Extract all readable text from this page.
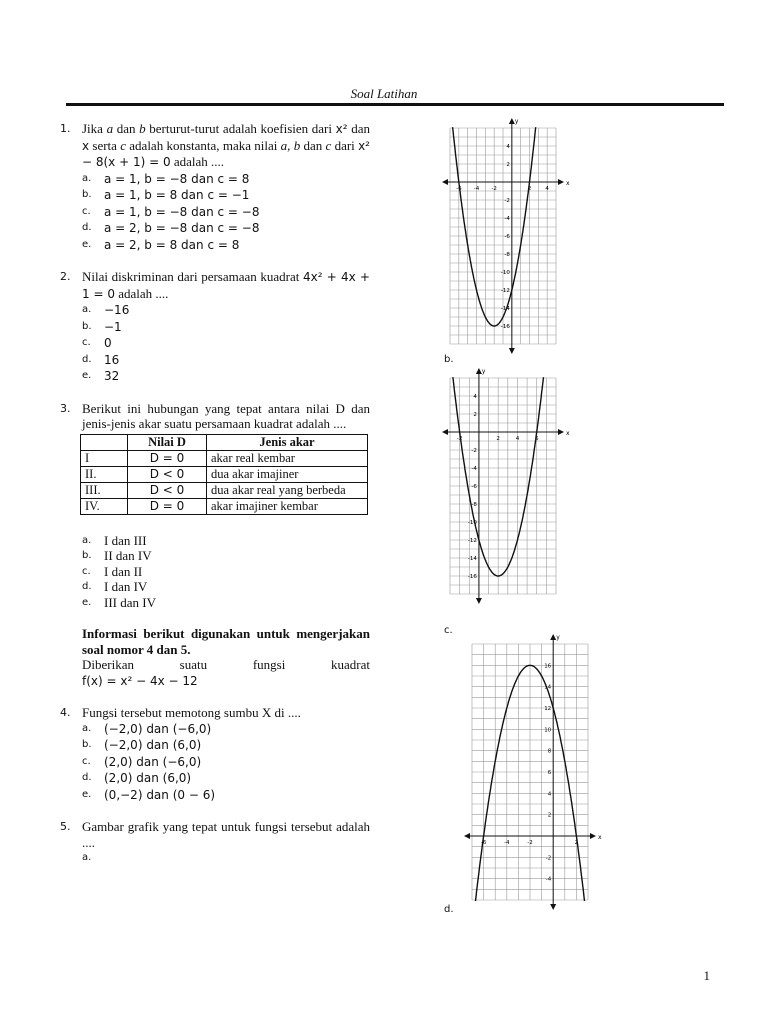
Soal Latihan
1. Jika a dan b berturut-turut adalah koefisien dari x² dan x serta c adalah konstanta, maka nilai a, b dan c dari x² − 8(x + 1) = 0 adalah ....
a. a = 1, b = −8 dan c = 8
b. a = 1, b = 8 dan c = −1
c. a = 1, b = −8 dan c = −8
d. a = 2, b = −8 dan c = −8
e. a = 2, b = 8 dan c = 8
2. Nilai diskriminan dari persamaan kuadrat 4x² + 4x + 1 = 0 adalah ....
a. −16
b. −1
c. 0
d. 16
e. 32
3. Berikut ini hubungan yang tepat antara nilai D dan jenis-jenis akar suatu persamaan kuadrat adalah ....
	Nilai D	Jenis akar
I	D = 0	akar real kembar
II.	D < 0	dua akar imajiner
III.	D < 0	dua akar real yang berbeda
IV.	D = 0	akar imajiner kembar
a. I dan III
b. II dan IV
c. I dan II
d. I dan IV
e. III dan IV
Informasi berikut digunakan untuk mengerjakan soal nomor 4 dan 5.

Diberikan suatu fungsi kuadrat
f(x) = x² − 4x − 12
4. Fungsi tersebut memotong sumbu X di ....
a. (−2,0) dan (−6,0)
b. (−2,0) dan (6,0)
c. (2,0) dan (−6,0)
d. (2,0) dan (6,0)
e. (0,−2) dan (0 − 6)
5. Gambar grafik yang tepat untuk fungsi tersebut adalah ....
a.
x
y
-6 -4 -2	2	4
4
2
-2
-4
-6
-8
-10
-12
-14
-16
b.
x
y
-2	2	4	6
4
2
-2
-4
-6
-8
-10
-12
-14
-16
c.
x
y
-6	-4	-2	2
16
14
12
10
8
6
4
2
-2
-4
d.
1
